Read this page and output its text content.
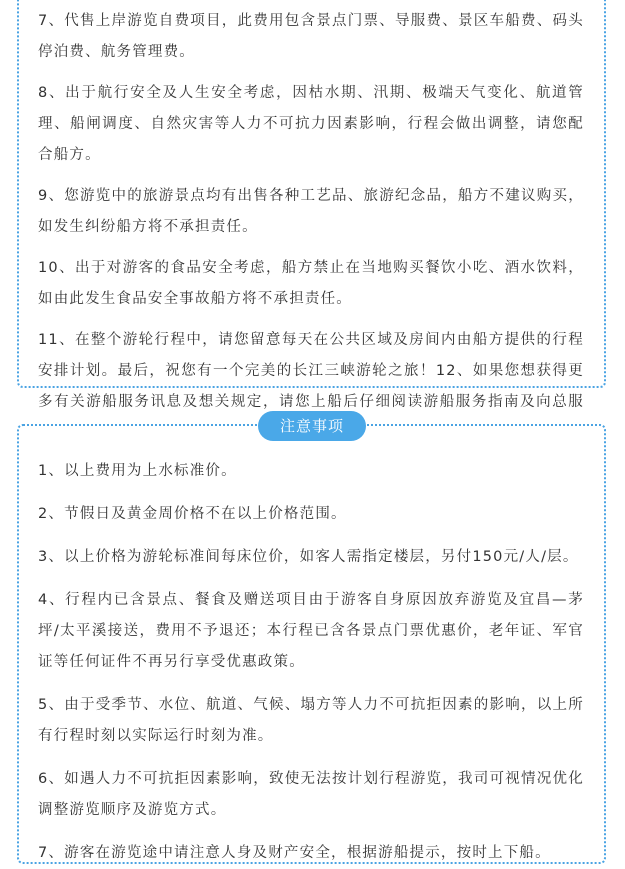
7、代售上岸游览自费项目，此费用包含景点门票、导服费、景区车船费、码头停泊费、航务管理费。

8、出于航行安全及人生安全考虑，因枯水期、汛期、极端天气变化、航道管理、船闸调度、自然灾害等人力不可抗力因素影响，行程会做出调整，请您配合船方。

9、您游览中的旅游景点均有出售各种工艺品、旅游纪念品，船方不建议购买，如发生纠纷船方将不承担责任。

10、出于对游客的食品安全考虑，船方禁止在当地购买餐饮小吃、酒水饮料，如由此发生食品安全事故船方将不承担责任。

11、在整个游轮行程中，请您留意每天在公共区域及房间内由船方提供的行程安排计划。最后，祝您有一个完美的长江三峡游轮之旅！12、如果您想获得更多有关游船服务讯息及想关规定，请您上船后仔细阅读游船服务指南及向总服

注意事项

1、以上费用为上水标准价。

2、节假日及黄金周价格不在以上价格范围。

3、以上价格为游轮标准间每床位价，如客人需指定楼层，另付150元/人/层。

4、行程内已含景点、餐食及赠送项目由于游客自身原因放弃游览及宜昌—茅坪/太平溪接送，费用不予退还；本行程已含各景点门票优惠价，老年证、军官证等任何证件不再另行享受优惠政策。

5、由于受季节、水位、航道、气候、塌方等人力不可抗拒因素的影响，以上所有行程时刻以实际运行时刻为准。

6、如遇人力不可抗拒因素影响，致使无法按计划行程游览，我司可视情况优化调整游览顺序及游览方式。

7、游客在游览途中请注意人身及财产安全，根据游船提示，按时上下船。
